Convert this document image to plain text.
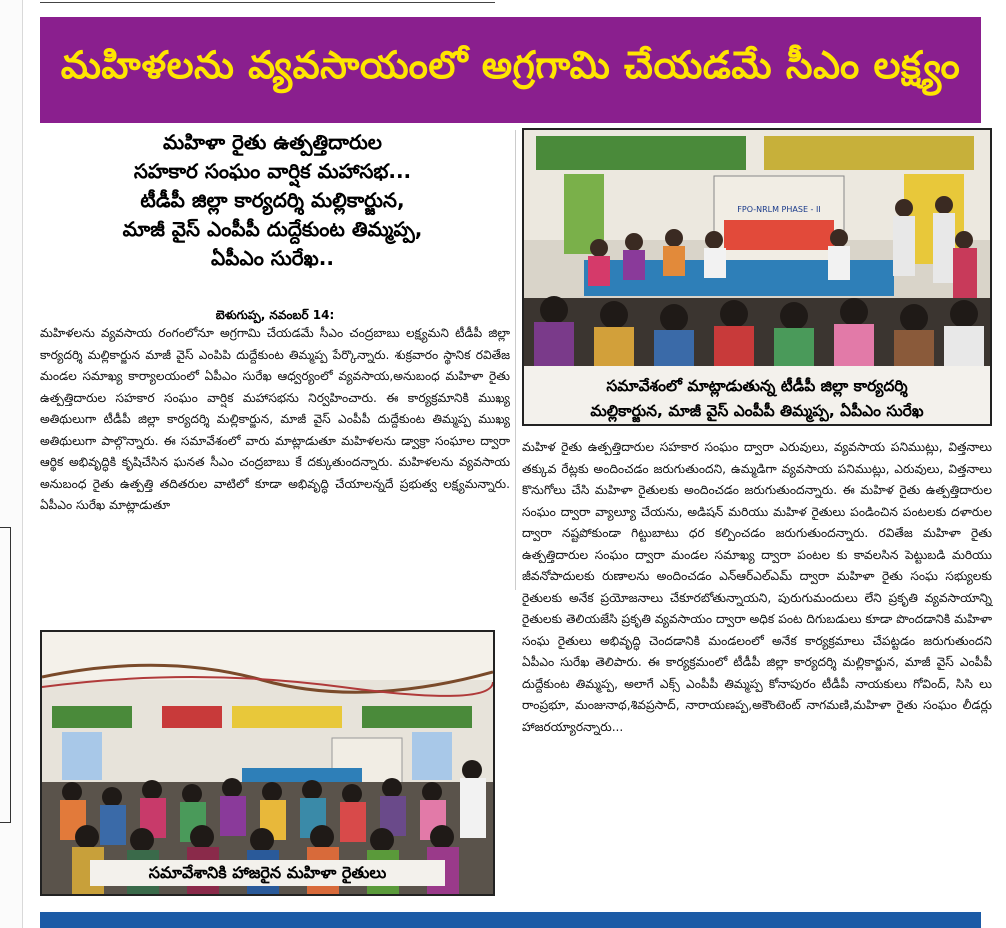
మహిళలను వ్యవసాయంలో అగ్రగామి చేయడమే సీఎం లక్ష్యం
మహిళా రైతు ఉత్పత్తిదారుల
సహకార సంఘం వార్షిక మహాసభ...
టీడీపీ జిల్లా కార్యదర్శి మల్లికార్జున,
మాజీ వైస్ ఎంపీపీ దుద్దేకుంట తిమ్మప్ప,
ఏపీఎం సురేఖ..
బెళుగుప్ప, నవంబర్ 14:

మహిళలను వ్యవసాయ రంగంలోనూ అగ్రగామి చేయడమే సీఎం చంద్రబాబు లక్ష్యమని టీడీపీ జిల్లా కార్యదర్శి మల్లికార్జున మాజీ వైస్ ఎంపిపి దుద్దేకుంట తిమ్మప్ప పేర్కొన్నారు. శుక్రవారం స్థానిక రవితేజ మండల సమాఖ్య కార్యాలయంలో ఏపీఎం సురేఖ ఆధ్వర్యంలో వ్యవసాయ,అనుబంధ మహిళా రైతు ఉత్పత్తిదారుల సహకార సంఘం వార్షిక మహాసభను నిర్వహించారు. ఈ కార్యక్రమానికి ముఖ్య అతిథులుగా టీడీపీ జిల్లా కార్యదర్శి మల్లికార్జున, మాజీ వైస్ ఎంపీపీ దుద్దేకుంట తిమ్మప్ప ముఖ్య అతిథులుగా పాల్గొన్నారు. ఈ సమావేశంలో వారు మాట్లాడుతూ మహిళలను డ్వాక్రా సంఘాల ద్వారా ఆర్థిక అభివృద్ధికి కృషిచేసిన ఘనత సీఎం చంద్రబాబు కే దక్కుతుందన్నారు. మహిళలను వ్యవసాయ అనుబంధ రైతు ఉత్పత్తి తదితరుల వాటిలో కూడా అభివృద్ధి చేయాలన్నదే ప్రభుత్వ లక్ష్యమన్నారు. ఏపీఎం సురేఖ మాట్లాడుతూ

FPO-NRLM PHASE - II
సమావేశంలో మాట్లాడుతున్న టీడీపీ జిల్లా కార్యదర్శి
మల్లికార్జున, మాజీ వైస్ ఎంపీపీ తిమ్మప్ప, ఏపీఎం సురేఖ

మహిళ రైతు ఉత్పత్తిదారుల సహకార సంఘం ద్వారా ఎరువులు, వ్యవసాయ పనిముట్లు, విత్తనాలు తక్కువ రేట్లకు అందించడం జరుగుతుందని, ఉమ్మడిగా వ్యవసాయ పనిముట్లు, ఎరువులు, విత్తనాలు కొనుగోలు చేసి మహిళా రైతులకు అందించడం జరుగుతుందన్నారు. ఈ మహిళ రైతు ఉత్పత్తిదారుల సంఘం ద్వారా వ్యాల్యూ చేయను, అడిషన్ మరియు మహిళ రైతులు పండించిన పంటలకు దళారుల ద్వారా నష్టపోకుండా గిట్టుబాటు ధర కల్పించడం జరుగుతుందన్నారు. రవితేజ మహిళా రైతు ఉత్పత్తిదారుల సంఘం ద్వారా మండల సమాఖ్య ద్వారా పంటల కు కావలసిన పెట్టుబడి మరియు జీవనోపాదులకు రుణాలను అందించడం ఎన్ఆర్ఎల్ఎమ్ ద్వారా మహిళా రైతు సంఘ సభ్యులకు రైతులకు అనేక ప్రయోజనాలు చేకూరబోతున్నాయని, పురుగుమందులు లేని ప్రకృతి వ్యవసాయాన్ని రైతులకు తెలియజేసి ప్రకృతి వ్యవసాయం ద్వారా అధిక పంట దిగుబడులు కూడా పొందడానికి మహిళా సంఘ రైతులు అభివృద్ధి చెందడానికి మండలంలో అనేక కార్యక్రమాలు చేపట్టడం జరుగుతుందని ఏపీఎం సురేఖ తెలిపారు. ఈ కార్యక్రమంలో టీడీపీ జిల్లా కార్యదర్శి మల్లికార్జున, మాజీ వైస్ ఎంపీపీ దుద్దేకుంట తిమ్మప్ప, అలాగే ఎక్స్ ఎంపీపీ తిమ్మప్ప కోనాపురం టీడీపీ నాయకులు గోవింద్, సిసి లు రాంప్రభూ, మంజునాథ,శివప్రసాద్, నారాయణప్ప,అకౌంటెంట్ నాగమణి,మహిళా రైతు సంఘం లీడర్లు హాజరయ్యారన్నారు...

సమావేశానికి హాజరైన మహిళా రైతులు
